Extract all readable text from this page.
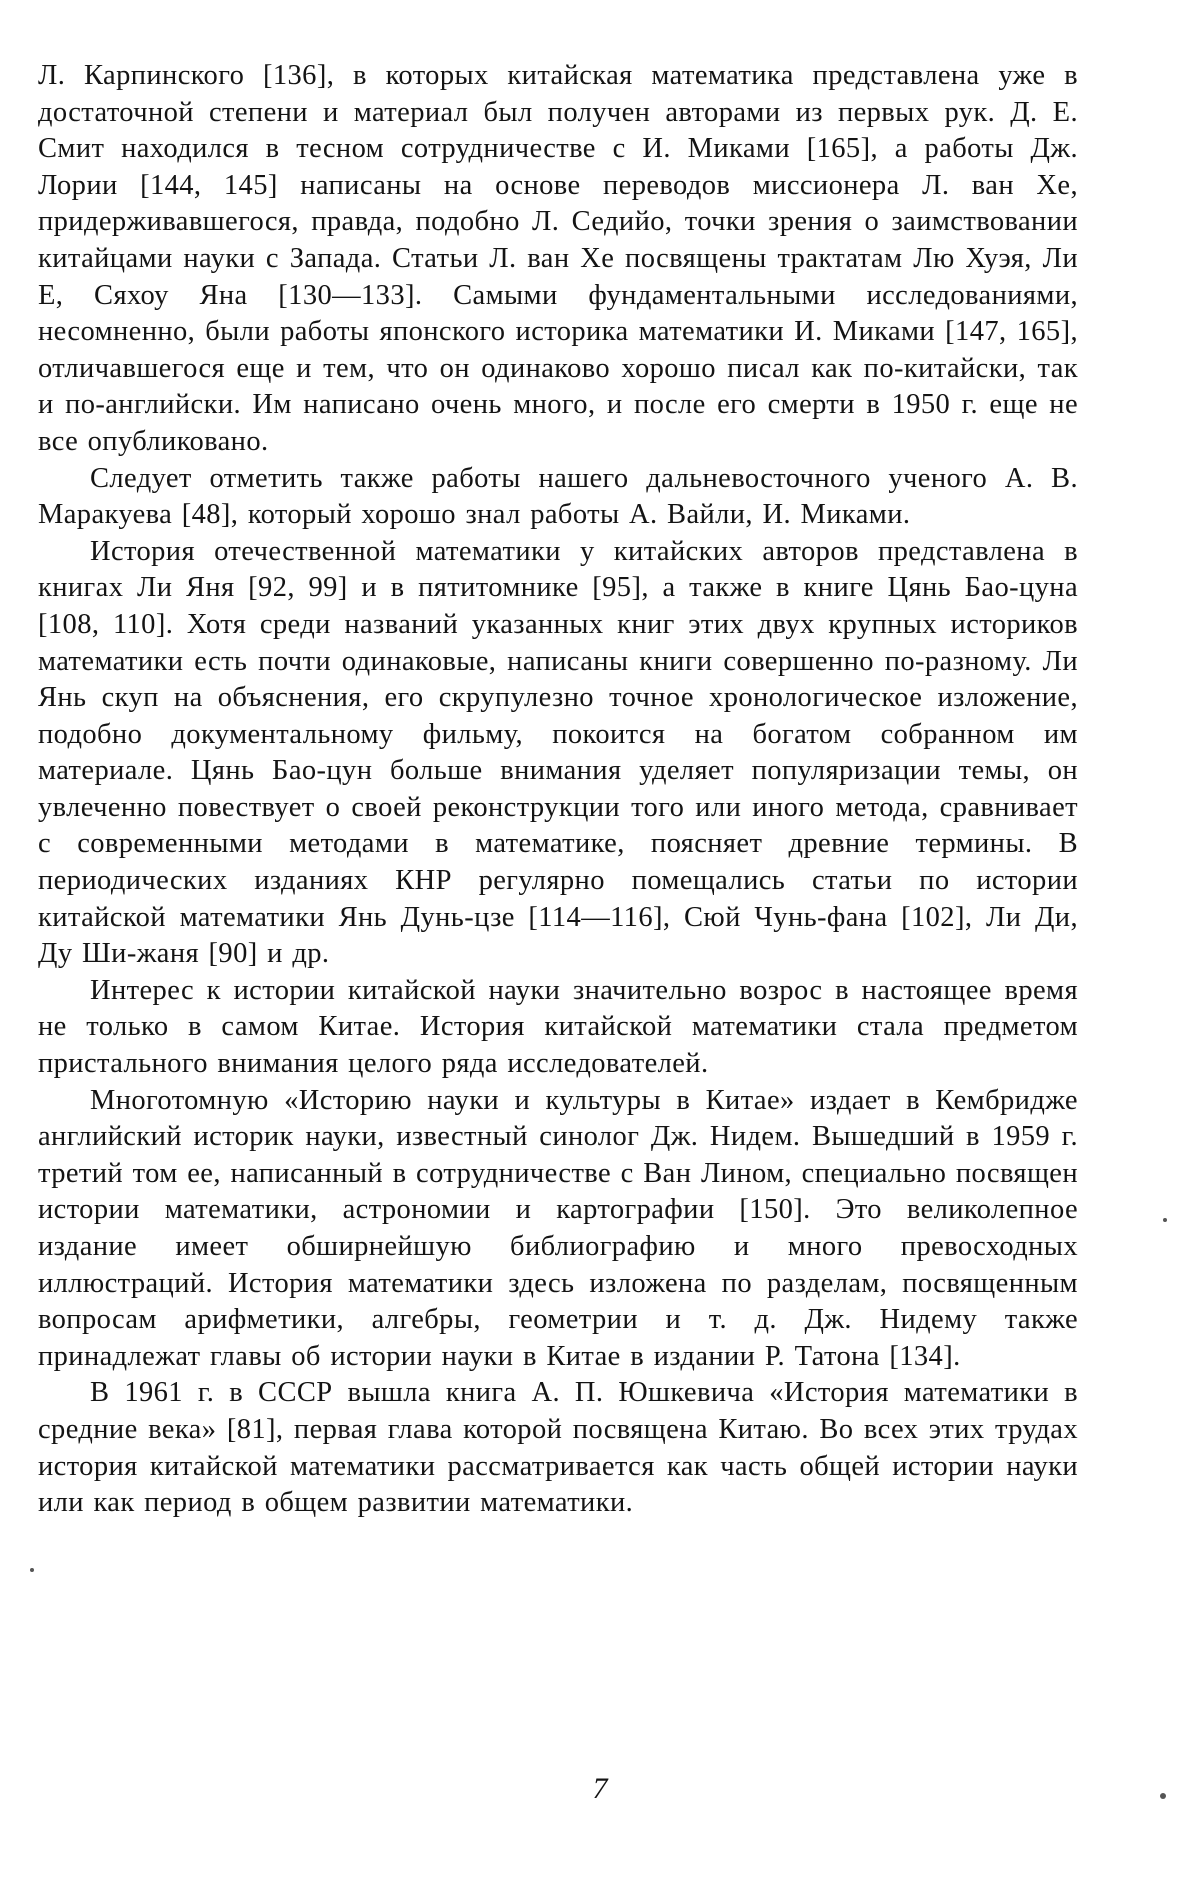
Л. Карпинского [136], в которых китайская математика представлена уже в достаточной степени и материал был получен авторами из первых рук. Д. Е. Смит находился в тесном сотрудничестве с И. Миками [165], а работы Дж. Лории [144, 145] написаны на основе переводов миссионера Л. ван Хе, придерживавшегося, правда, подобно Л. Седийо, точки зрения о заимствовании китайцами науки с Запада. Статьи Л. ван Хе посвящены трактатам Лю Хуэя, Ли Е, Сяхоу Яна [130—133]. Самыми фундаментальными исследованиями, несомненно, были работы японского историка математики И. Миками [147, 165], отличавшегося еще и тем, что он одинаково хорошо писал как по-китайски, так и по-английски. Им написано очень много, и после его смерти в 1950 г. еще не все опубликовано.

Следует отметить также работы нашего дальневосточного ученого А. В. Маракуева [48], который хорошо знал работы А. Вайли, И. Миками.

История отечественной математики у китайских авторов представлена в книгах Ли Яня [92, 99] и в пятитомнике [95], а также в книге Цянь Бао-цуна [108, 110]. Хотя среди названий указанных книг этих двух крупных историков математики есть почти одинаковые, написаны книги совершенно по-разному. Ли Янь скуп на объяснения, его скрупулезно точное хронологическое изложение, подобно документальному фильму, покоится на богатом собранном им материале. Цянь Бао-цун больше внимания уделяет популяризации темы, он увлеченно повествует о своей реконструкции того или иного метода, сравнивает с современными методами в математике, поясняет древние термины. В периодических изданиях КНР регулярно помещались статьи по истории китайской математики Янь Дунь-цзе [114—116], Сюй Чунь-фана [102], Ли Ди, Ду Ши-жаня [90] и др.

Интерес к истории китайской науки значительно возрос в настоящее время не только в самом Китае. История китайской математики стала предметом пристального внимания целого ряда исследователей.

Многотомную «Историю науки и культуры в Китае» издает в Кембридже английский историк науки, известный синолог Дж. Нидем. Вышедший в 1959 г. третий том ее, написанный в сотрудничестве с Ван Лином, специально посвящен истории математики, астрономии и картографии [150]. Это великолепное издание имеет обширнейшую библиографию и много превосходных иллюстраций. История математики здесь изложена по разделам, посвященным вопросам арифметики, алгебры, геометрии и т. д. Дж. Нидему также принадлежат главы об истории науки в Китае в издании Р. Татона [134].

В 1961 г. в СССР вышла книга А. П. Юшкевича «История математики в средние века» [81], первая глава которой посвящена Китаю. Во всех этих трудах история китайской математики рассматривается как часть общей истории науки или как период в общем развитии математики.

7
